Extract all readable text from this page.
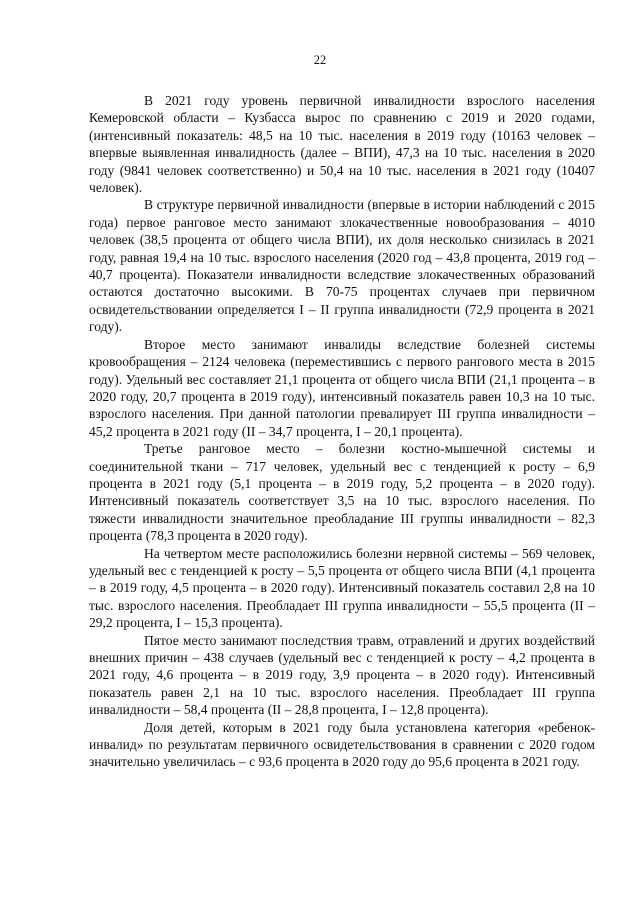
22

В 2021 году уровень первичной инвалидности взрослого населения Кемеровской области – Кузбасса вырос по сравнению с 2019 и 2020 годами, (интенсивный показатель: 48,5 на 10 тыс. населения в 2019 году (10163 человек – впервые выявленная инвалидность (далее – ВПИ), 47,3 на 10 тыс. населения в 2020 году (9841 человек соответственно) и 50,4 на 10 тыс. населения в 2021 году (10407 человек).

В структуре первичной инвалидности (впервые в истории наблюдений с 2015 года) первое ранговое место занимают злокачественные новообразования – 4010 человек (38,5 процента от общего числа ВПИ), их доля несколько снизилась в 2021 году, равная 19,4 на 10 тыс. взрослого населения (2020 год – 43,8 процента, 2019 год – 40,7 процента). Показатели инвалидности вследствие злокачественных образований остаются достаточно высокими. В 70-75 процентах случаев при первичном освидетельствовании определяется I – II группа инвалидности (72,9 процента в 2021 году).

Второе место занимают инвалиды вследствие болезней системы кровообращения – 2124 человека (переместившись с первого рангового места в 2015 году). Удельный вес составляет 21,1 процента от общего числа ВПИ (21,1 процента – в 2020 году, 20,7 процента в 2019 году), интенсивный показатель равен 10,3 на 10 тыс. взрослого населения. При данной патологии превалирует III группа инвалидности – 45,2 процента в 2021 году (II – 34,7 процента, I – 20,1 процента).

Третье ранговое место – болезни костно-мышечной системы и соединительной ткани – 717 человек, удельный вес с тенденцией к росту – 6,9 процента в 2021 году (5,1 процента – в 2019 году, 5,2 процента – в 2020 году). Интенсивный показатель соответствует 3,5 на 10 тыс. взрослого населения. По тяжести инвалидности значительное преобладание III группы инвалидности – 82,3 процента (78,3 процента в 2020 году).

На четвертом месте расположились болезни нервной системы – 569 человек, удельный вес с тенденцией к росту – 5,5 процента от общего числа ВПИ (4,1 процента – в 2019 году, 4,5 процента – в 2020 году). Интенсивный показатель составил 2,8 на 10 тыс. взрослого населения. Преобладает III группа инвалидности – 55,5 процента (II – 29,2 процента, I – 15,3 процента).

Пятое место занимают последствия травм, отравлений и других воздействий внешних причин – 438 случаев (удельный вес с тенденцией к росту – 4,2 процента в 2021 году, 4,6 процента – в 2019 году, 3,9 процента – в 2020 году). Интенсивный показатель равен 2,1 на 10 тыс. взрослого населения. Преобладает III группа инвалидности – 58,4 процента (II – 28,8 процента, I – 12,8 процента).

Доля детей, которым в 2021 году была установлена категория «ребенок-инвалид» по результатам первичного освидетельствования в сравнении с 2020 годом значительно увеличилась – с 93,6 процента в 2020 году до 95,6 процента в 2021 году.
